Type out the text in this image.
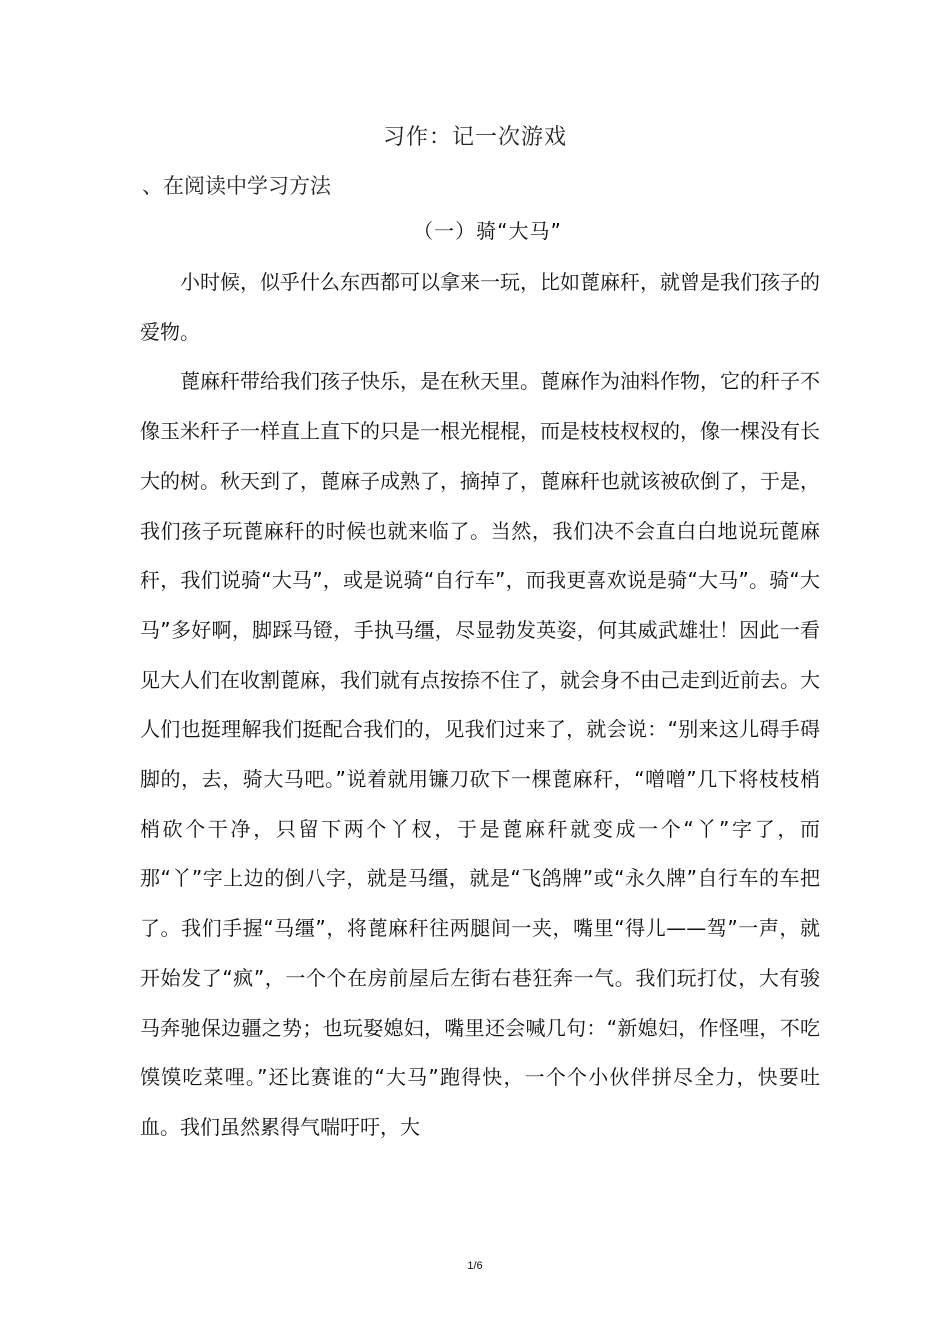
习作：记一次游戏
、在阅读中学习方法
（一）骑“大马”

小时候，似乎什么东西都可以拿来一玩，比如蓖麻秆，就曾是我们孩子的爱物。

蓖麻秆带给我们孩子快乐，是在秋天里。蓖麻作为油料作物，它的秆子不像玉米秆子一样直上直下的只是一根光棍棍，而是枝枝杈杈的，像一棵没有长大的树。秋天到了，蓖麻子成熟了，摘掉了，蓖麻秆也就该被砍倒了，于是，我们孩子玩蓖麻秆的时候也就来临了。当然，我们决不会直白白地说玩蓖麻秆，我们说骑“大马”，或是说骑“自行车”，而我更喜欢说是骑“大马”。骑“大马”多好啊，脚踩马镫，手执马缰，尽显勃发英姿，何其威武雄壮！因此一看见大人们在收割蓖麻，我们就有点按捺不住了，就会身不由己走到近前去。大人们也挺理解我们挺配合我们的，见我们过来了，就会说：“别来这儿碍手碍脚的，去，骑大马吧。”说着就用镰刀砍下一棵蓖麻秆，“噌噌”几下将枝枝梢梢砍个干净，只留下两个丫杈，于是蓖麻秆就变成一个“丫”字了，而那“丫”字上边的倒八字，就是马缰，就是“飞鸽牌”或“永久牌”自行车的车把了。我们手握“马缰”，将蓖麻秆往两腿间一夹，嘴里“得儿——驾”一声，就开始发了“疯”，一个个在房前屋后左街右巷狂奔一气。我们玩打仗，大有骏马奔驰保边疆之势；也玩娶媳妇，嘴里还会喊几句：“新媳妇，作怪哩，不吃馍馍吃菜哩。”还比赛谁的“大马”跑得快，一个个小伙伴拼尽全力，快要吐血。我们虽然累得气喘吁吁，大

1/6
